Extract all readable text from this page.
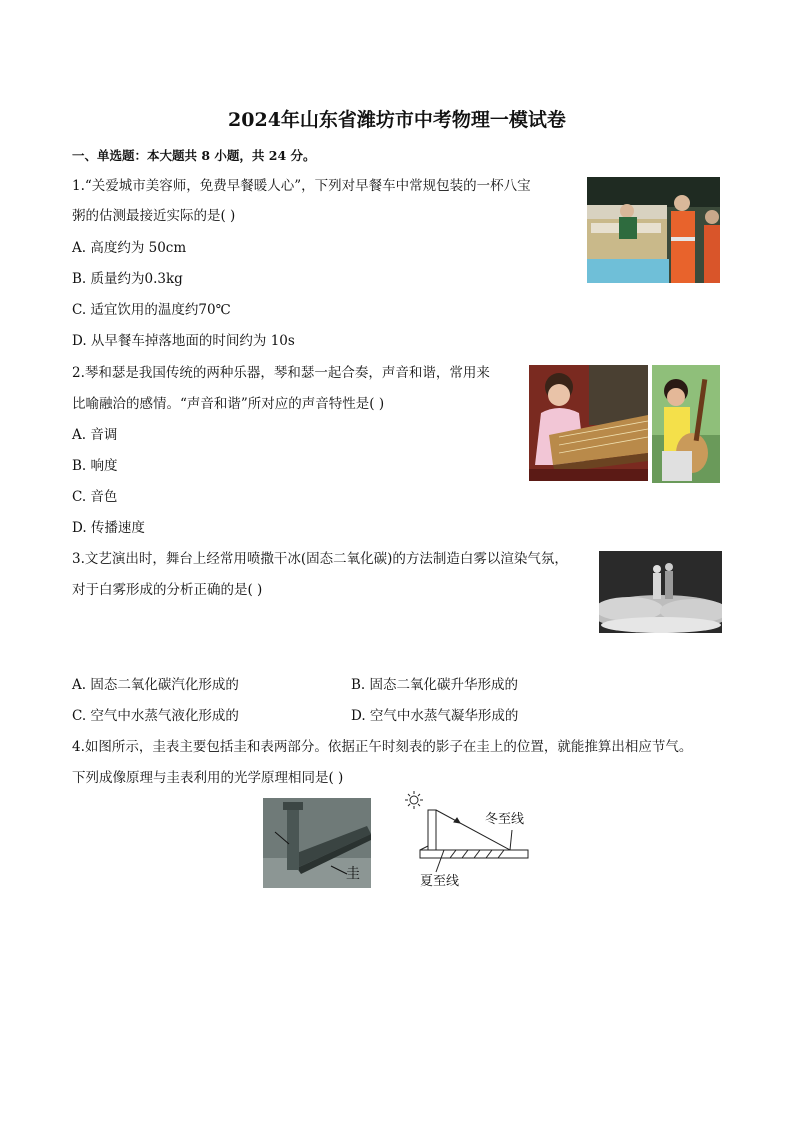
2024年山东省潍坊市中考物理一模试卷
一、单选题：本大题共 8 小题，共 24 分。
1.“关爱城市美容师，免费早餐暖人心”，下列对早餐车中常规包装的一杯八宝
粥的估测最接近实际的是( )
A. 高度约为 50cm
B. 质量约为0.3kg
C. 适宜饮用的温度约70℃
D. 从早餐车掉落地面的时间约为 10s
2.琴和瑟是我国传统的两种乐器，琴和瑟一起合奏，声音和谐，常用来
比喻融洽的感情。“声音和谐”所对应的声音特性是( )
A. 音调
B. 响度
C. 音色
D. 传播速度
3.文艺演出时，舞台上经常用喷撒干冰(固态二氧化碳)的方法制造白雾以渲染气氛，
对于白雾形成的分析正确的是( )
A. 固态二氧化碳汽化形成的	B. 固态二氧化碳升华形成的
C. 空气中水蒸气液化形成的	D. 空气中水蒸气凝华形成的
4.如图所示，圭表主要包括圭和表两部分。依据正午时刻表的影子在圭上的位置，就能推算出相应节气。
下列成像原理与圭表利用的光学原理相同是( )
圭
冬至线
夏至线
